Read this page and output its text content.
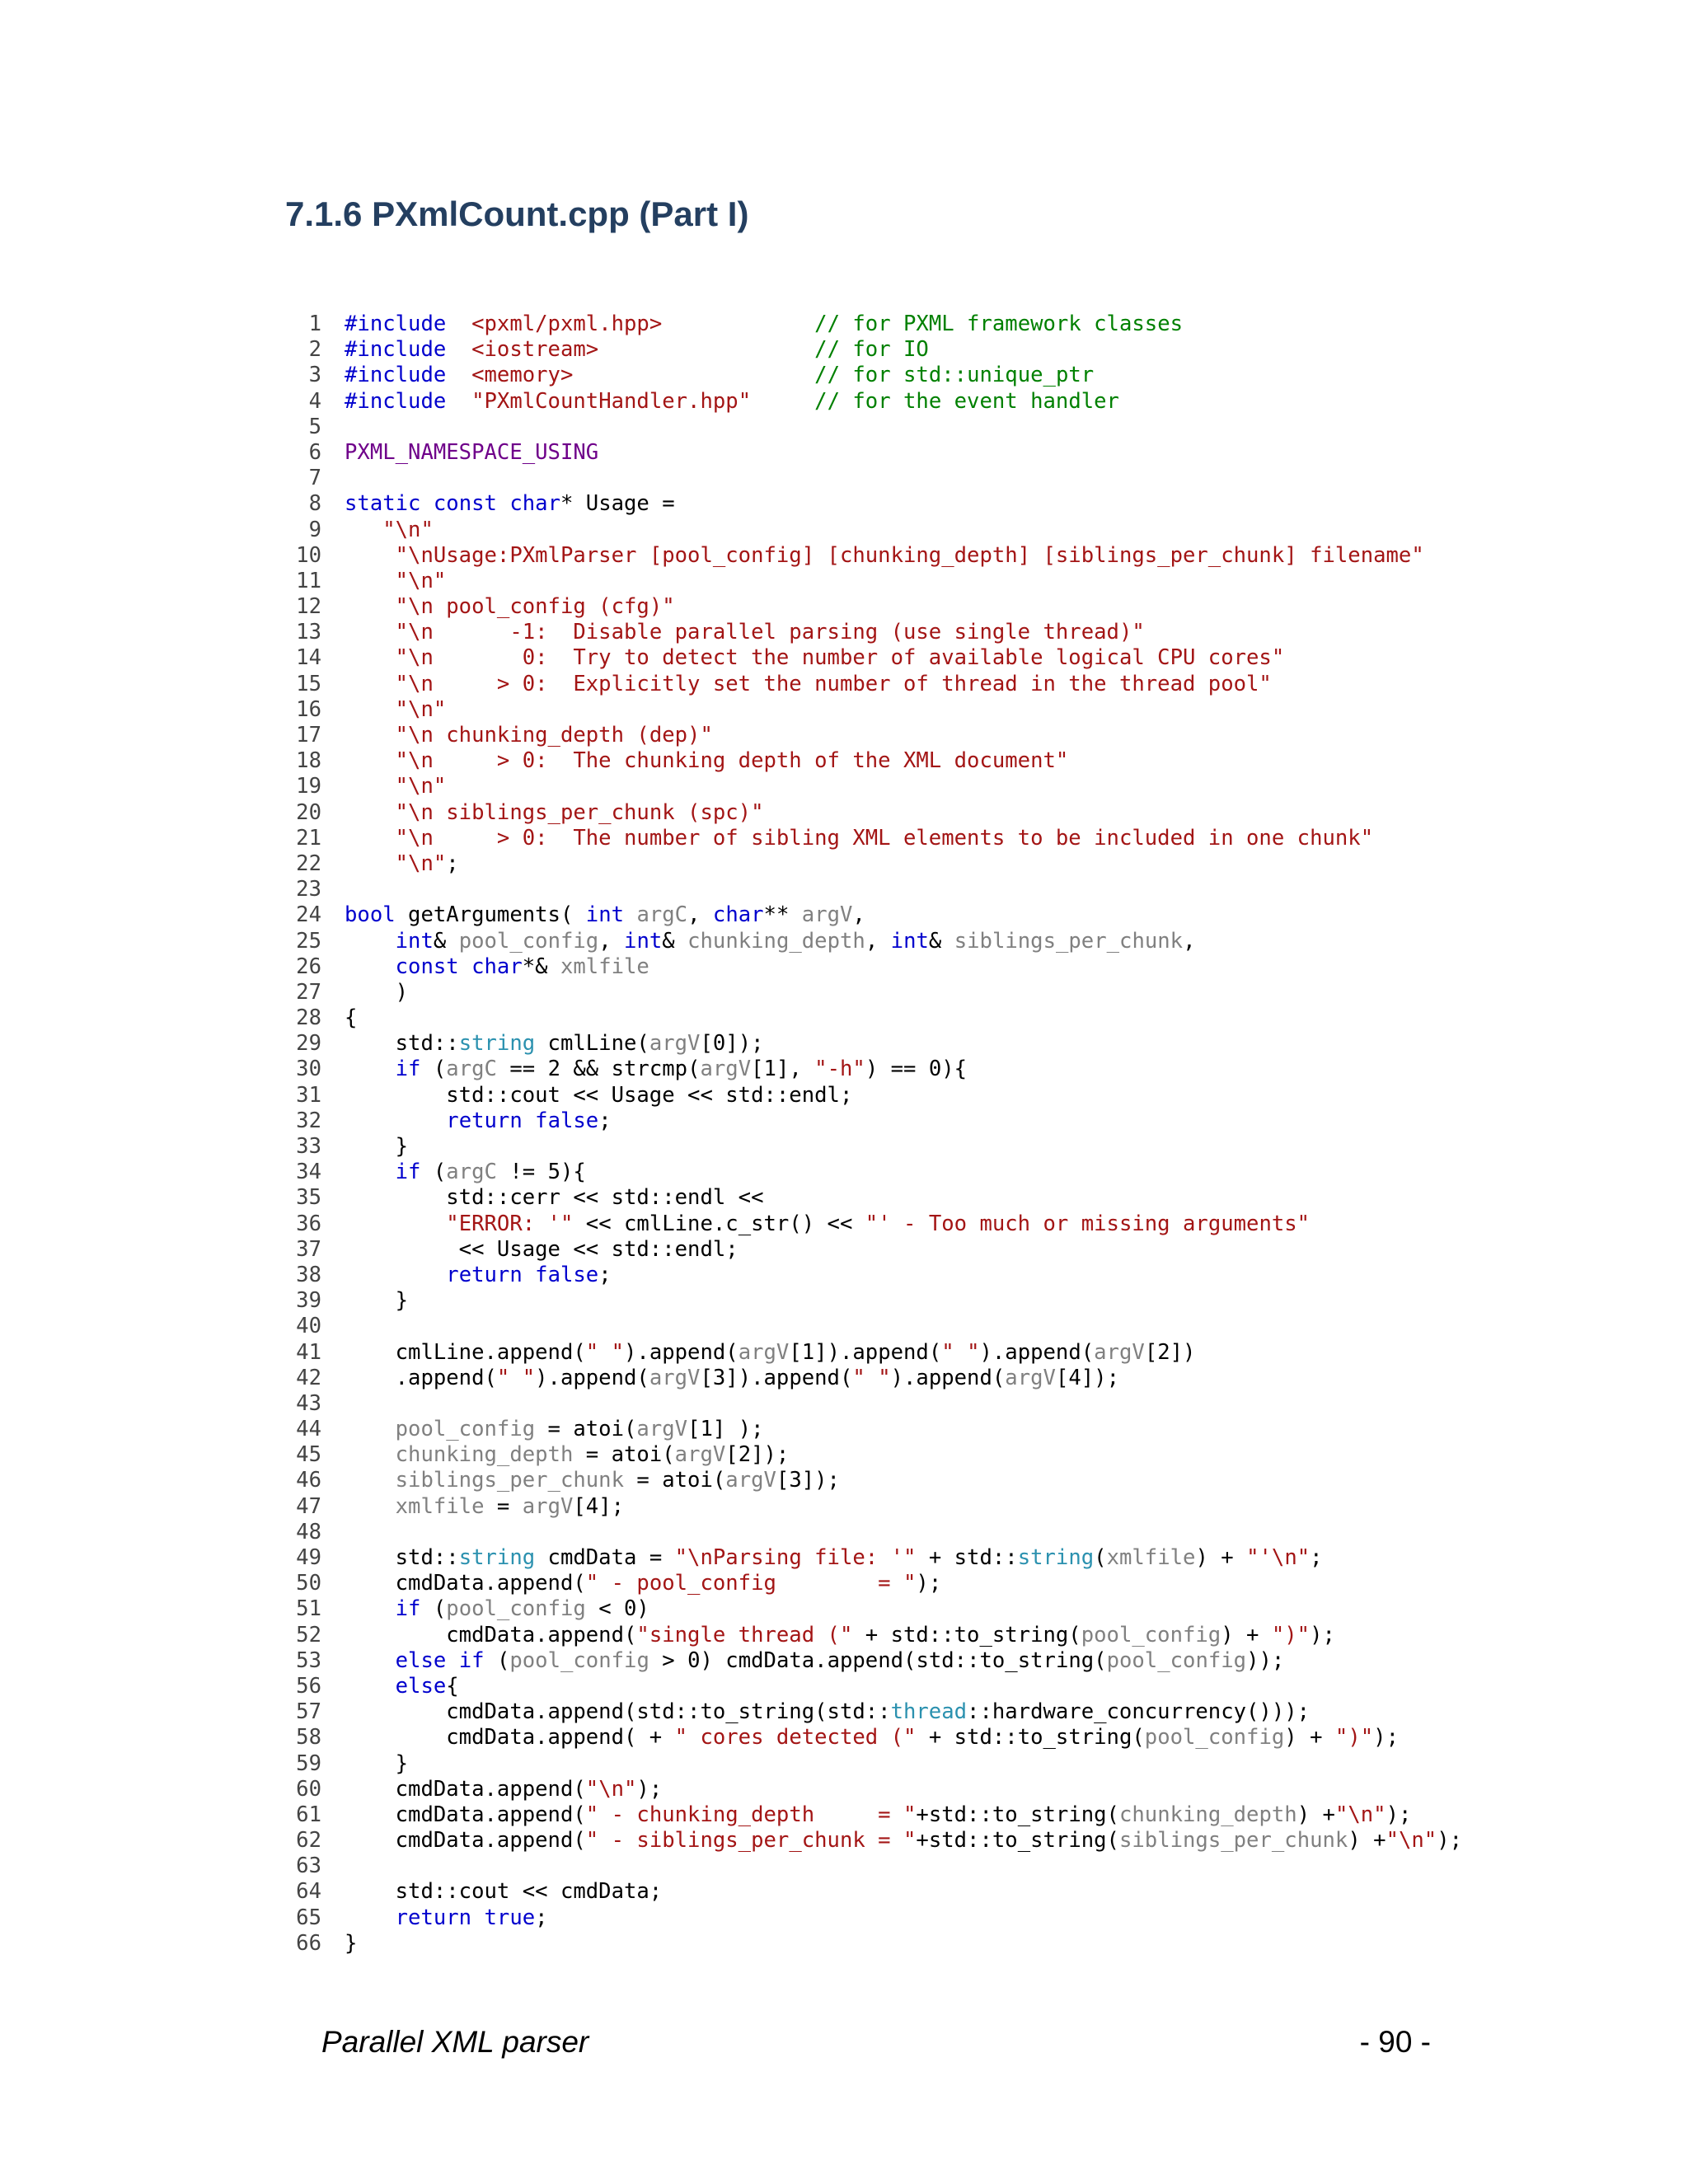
7.1.6 PXmlCount.cpp (Part I)
1 #include <pxml/pxml.hpp>	// for PXML framework classes
2 #include <iostream>	// for IO
3 #include <memory>	// for std::unique_ptr
4 #include "PXmlCountHandler.hpp"	// for the event handler
5
6 PXML_NAMESPACE_USING
7
8 static const char* Usage =
9	"\n"
10	"\nUsage:PXmlParser [pool_config] [chunking_depth] [siblings_per_chunk] filename"
11	"\n"
12	"\n pool_config (cfg)"
13	"\n      -1:  Disable parallel parsing (use single thread)"
14	"\n       0:  Try to detect the number of available logical CPU cores"
15	"\n     > 0:  Explicitly set the number of thread in the thread pool"
16	"\n"
17	"\n chunking_depth (dep)"
18	"\n     > 0:  The chunking depth of the XML document"
19	"\n"
20	"\n siblings_per_chunk (spc)"
21	"\n     > 0:  The number of sibling XML elements to be included in one chunk"
22	"\n";
23
24 bool getArguments( int argC, char** argV,
25	int& pool_config, int& chunking_depth, int& siblings_per_chunk,
26	const char*& xmlfile
27 )
28 {
29 std::string cmlLine(argV[0]);
30	if (argC == 2 && strcmp(argV[1], "-h") == 0){
31 std::cout << Usage << std::endl;
32	return false;
33 }
34	if (argC != 5){
35 std::cerr << std::endl <<
36	"ERROR: '" << cmlLine.c_str() << "' - Too much or missing arguments"
37 << Usage << std::endl;
38	return false;
39 }
40
41 cmlLine.append(" ").append(argV[1]).append(" ").append(argV[2])
42 .append(" ").append(argV[3]).append(" ").append(argV[4]);
43
44	pool_config = atoi(argV[1] );
45	chunking_depth = atoi(argV[2]);
46	siblings_per_chunk = atoi(argV[3]);
47	xmlfile = argV[4];
48
49 std::string cmdData = "\nParsing file: '" + std::string(xmlfile) + "'\n";
50 cmdData.append(" - pool_config        = ");
51	if (pool_config < 0)
52 cmdData.append("single thread (" + std::to_string(pool_config) + ")");
53	else if (pool_config > 0) cmdData.append(std::to_string(pool_config));
56	else{
57 cmdData.append(std::to_string(std::thread::hardware_concurrency()));
58 cmdData.append( + " cores detected (" + std::to_string(pool_config) + ")");
59 }
60 cmdData.append("\n");
61 cmdData.append(" - chunking_depth     = "+std::to_string(chunking_depth) +"\n");
62 cmdData.append(" - siblings_per_chunk = "+std::to_string(siblings_per_chunk) +"\n");
63
64 std::cout << cmdData;
65	return true;
66 }
Parallel XML parser	- 90 -
